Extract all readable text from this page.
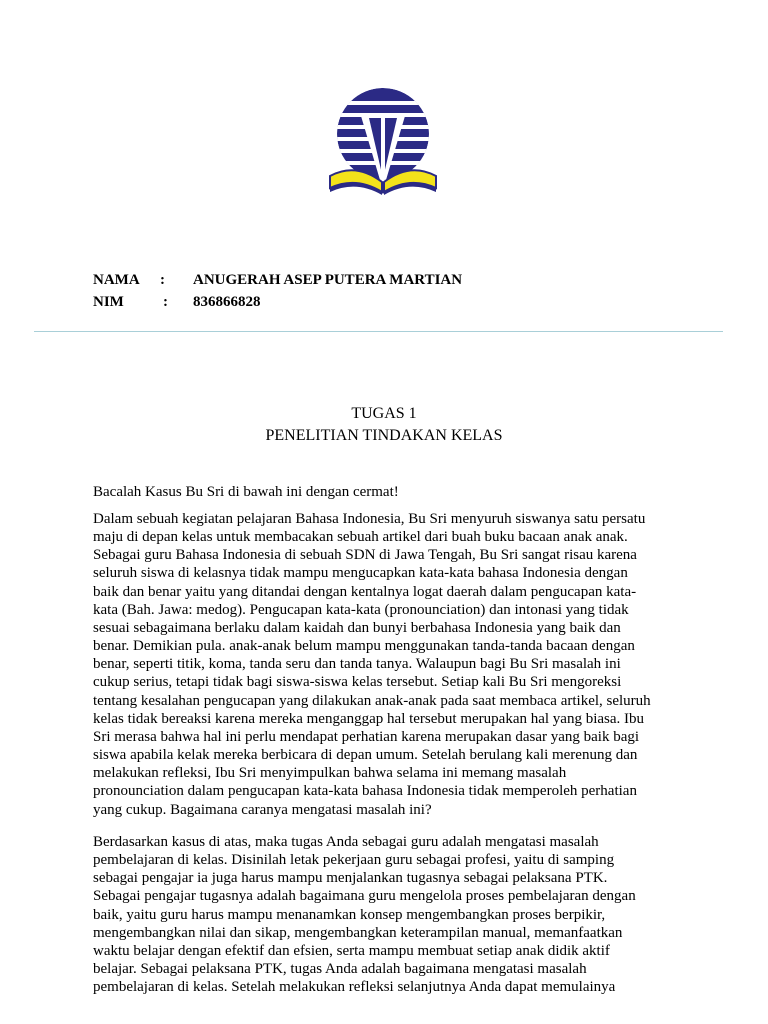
NAMA : ANUGERAH ASEP PUTERA MARTIAN
NIM	: 836866828
TUGAS 1
PENELITIAN TINDAKAN KELAS

Bacalah Kasus Bu Sri di bawah ini dengan cermat!

Dalam sebuah kegiatan pelajaran Bahasa Indonesia, Bu Sri menyuruh siswanya satu persatu
maju di depan kelas untuk membacakan sebuah artikel dari buah buku bacaan anak anak.
Sebagai guru Bahasa Indonesia di sebuah SDN di Jawa Tengah, Bu Sri sangat risau karena
seluruh siswa di kelasnya tidak mampu mengucapkan kata-kata bahasa Indonesia dengan
baik dan benar yaitu yang ditandai dengan kentalnya logat daerah dalam pengucapan kata-
kata (Bah. Jawa: medog). Pengucapan kata-kata (pronounciation) dan intonasi yang tidak
sesuai sebagaimana berlaku dalam kaidah dan bunyi berbahasa Indonesia yang baik dan
benar. Demikian pula. anak-anak belum mampu menggunakan tanda-tanda bacaan dengan
benar, seperti titik, koma, tanda seru dan tanda tanya. Walaupun bagi Bu Sri masalah ini
cukup serius, tetapi tidak bagi siswa-siswa kelas tersebut. Setiap kali Bu Sri mengoreksi
tentang kesalahan pengucapan yang dilakukan anak-anak pada saat membaca artikel, seluruh
kelas tidak bereaksi karena mereka menganggap hal tersebut merupakan hal yang biasa. Ibu
Sri merasa bahwa hal ini perlu mendapat perhatian karena merupakan dasar yang baik bagi
siswa apabila kelak mereka berbicara di depan umum. Setelah berulang kali merenung dan
melakukan refleksi, Ibu Sri menyimpulkan bahwa selama ini memang masalah
pronounciation dalam pengucapan kata-kata bahasa Indonesia tidak memperoleh perhatian
yang cukup. Bagaimana caranya mengatasi masalah ini?

Berdasarkan kasus di atas, maka tugas Anda sebagai guru adalah mengatasi masalah
pembelajaran di kelas. Disinilah letak pekerjaan guru sebagai profesi, yaitu di samping
sebagai pengajar ia juga harus mampu menjalankan tugasnya sebagai pelaksana PTK.
Sebagai pengajar tugasnya adalah bagaimana guru mengelola proses pembelajaran dengan
baik, yaitu guru harus mampu menanamkan konsep mengembangkan proses berpikir,
mengembangkan nilai dan sikap, mengembangkan keterampilan manual, memanfaatkan
waktu belajar dengan efektif dan efsien, serta mampu membuat setiap anak didik aktif
belajar. Sebagai pelaksana PTK, tugas Anda adalah bagaimana mengatasi masalah
pembelajaran di kelas. Setelah melakukan refleksi selanjutnya Anda dapat memulainya
